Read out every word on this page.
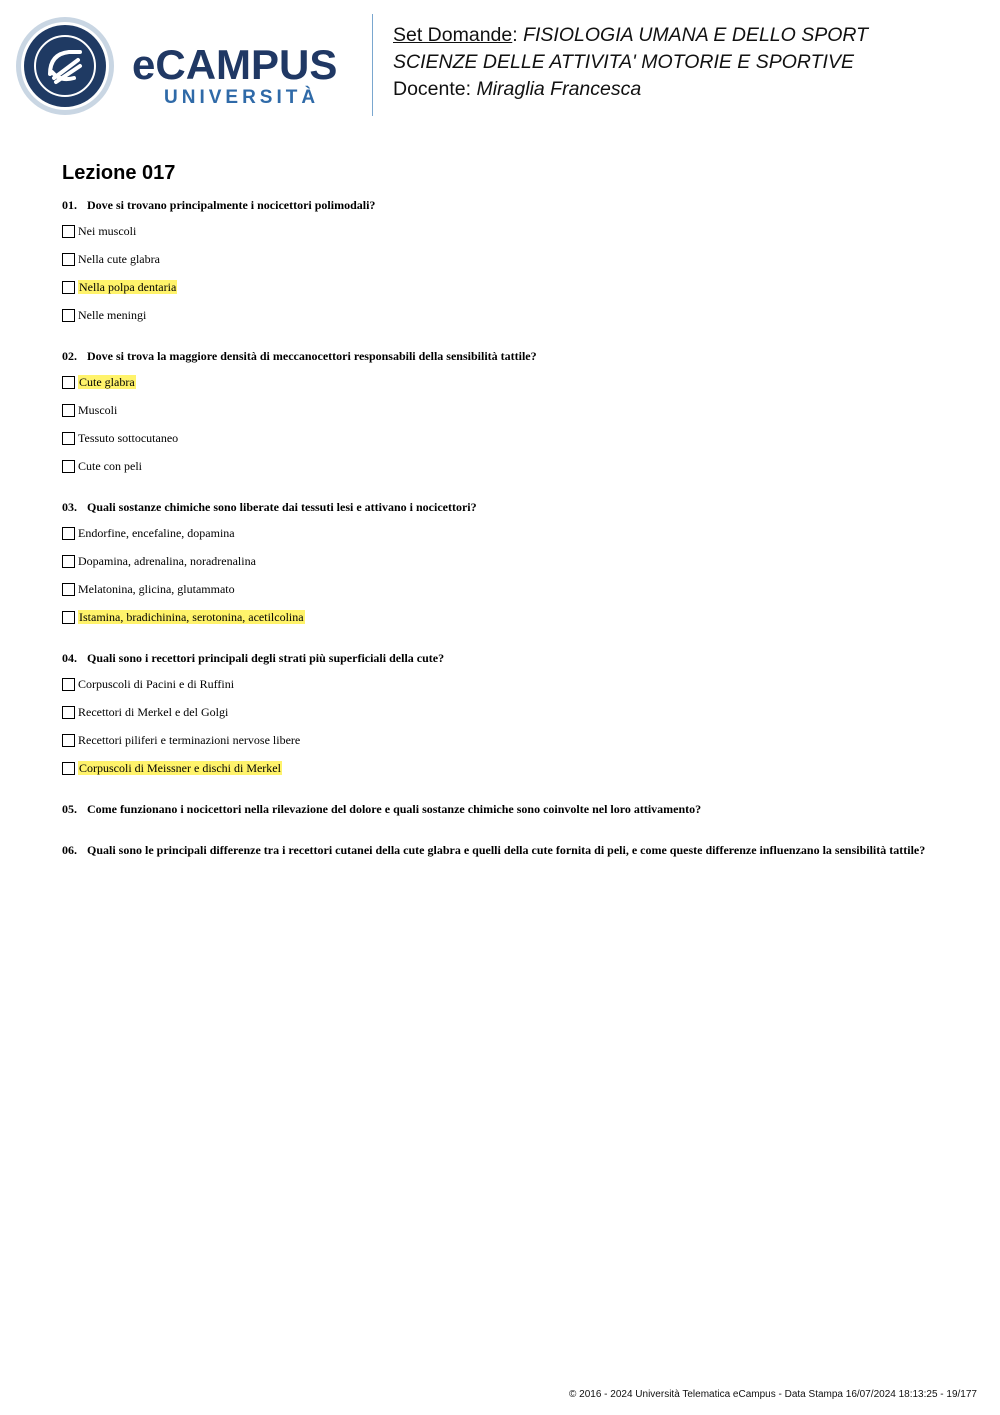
eCAMPUS
UNIVERSITÀ
Set Domande: FISIOLOGIA UMANA E DELLO SPORT
SCIENZE DELLE ATTIVITA' MOTORIE E SPORTIVE
Docente: Miraglia Francesca
Lezione 017
01. Dove si trovano principalmente i nocicettori polimodali?
Nei muscoli
Nella cute glabra
Nella polpa dentaria
Nelle meningi
02. Dove si trova la maggiore densità di meccanocettori responsabili della sensibilità tattile?
Cute glabra
Muscoli
Tessuto sottocutaneo
Cute con peli
03. Quali sostanze chimiche sono liberate dai tessuti lesi e attivano i nocicettori?
Endorfine, encefaline, dopamina
Dopamina, adrenalina, noradrenalina
Melatonina, glicina, glutammato
Istamina, bradichinina, serotonina, acetilcolina
04. Quali sono i recettori principali degli strati più superficiali della cute?
Corpuscoli di Pacini e di Ruffini
Recettori di Merkel e del Golgi
Recettori piliferi e terminazioni nervose libere
Corpuscoli di Meissner e dischi di Merkel
05. Come funzionano i nocicettori nella rilevazione del dolore e quali sostanze chimiche sono coinvolte nel loro attivamento?
06. Quali sono le principali differenze tra i recettori cutanei della cute glabra e quelli della cute fornita di peli, e come queste differenze influenzano la sensibilità tattile?
© 2016 - 2024 Università Telematica eCampus - Data Stampa 16/07/2024 18:13:25 - 19/177
